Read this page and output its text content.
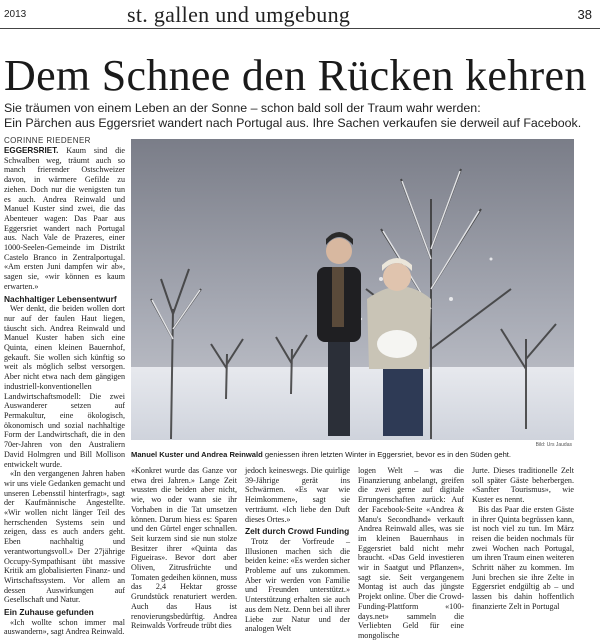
2013	st. gallen und umgebung	38
Dem Schnee den Rücken kehren
Sie träumen von einem Leben an der Sonne – schon bald soll der Traum wahr werden:
Ein Pärchen aus Eggersriet wandert nach Portugal aus. Ihre Sachen verkaufen sie derweil auf Facebook.
CORINNE RIEDENER

EGGERSRIET. Kaum sind die Schwalben weg, träumt auch so manch frierender Ostschweizer davon, in wärmere Gefilde zu ziehen. Doch nur die wenigsten tun es auch. Andrea Reinwald und Manuel Kuster sind zwei, die das Abenteuer wagen: Das Paar aus Eggersriet wandert nach Portugal aus. Nach Vale de Prazeres, einer 1000-Seelen-Gemeinde im Distrikt Castelo Branco in Zentralportugal. «Am ersten Juni dampfen wir ab», sagen sie, «wir können es kaum erwarten.»

Nachhaltiger Lebensentwurf

Wer denkt, die beiden wollen dort nur auf der faulen Haut liegen, täuscht sich. Andrea Reinwald und Manuel Kuster haben sich eine Quinta, einen kleinen Bauernhof, gekauft. Sie wollen sich künftig so weit als möglich selbst versorgen. Aber nicht etwa nach dem gängigen industriell-konventionellen Landwirtschaftsmodell: Die zwei Auswanderer setzen auf Permakultur, eine ökologisch, ökonomisch und sozial nachhaltige Form der Landwirtschaft, die in den 70er-Jahren von den Australiern David Holmgren und Bill Mollison entwickelt wurde.

«In den vergangenen Jahren haben wir uns viele Gedanken gemacht und unseren Lebensstil hinterfragt», sagt der Kaufmännische Angestellte. «Wir wollen nicht länger Teil des herrschenden Systems sein und zeigen, dass es auch anders geht. Eben nachhaltig und verantwortungsvoll.» Der 27jährige Occupy-Sympathisant übt massive Kritik am globalisierten Finanz- und Wirtschaftssystem. Vor allem an dessen Auswirkungen auf Gesellschaft und Natur.

Ein Zuhause gefunden

«Ich wollte schon immer mal auswandern», sagt Andrea Reinwald.

Bild: Urs Jaudas
Manuel Kuster und Andrea Reinwald geniessen ihren letzten Winter in Eggersriet, bevor es in den Süden geht.

«Konkret wurde das Ganze vor etwa drei Jahren.» Lange Zeit wussten die beiden aber nicht, wie, wo oder wann sie ihr Vorhaben in die Tat umsetzen können. Darum hiess es: Sparen und den Gürtel enger schnallen. Seit kurzem sind sie nun stolze Besitzer ihrer «Quinta das Figueiras». Bevor dort aber Oliven, Zitrusfrüchte und Tomaten gedeihen können, muss das 2,4 Hektar grosse Grundstück renaturiert werden. Auch das Haus ist renovierungsbedürftig. Andrea Reinwalds Vorfreude trübt dies

jedoch keineswegs. Die quirlige 39-Jährige gerät ins Schwärmen. «Es war wie Heimkommen», sagt sie verträumt. «Ich liebe den Duft dieses Ortes.»

Zelt durch Crowd Funding

Trotz der Vorfreude – Illusionen machen sich die beiden keine: «Es werden sicher Probleme auf uns zukommen. Aber wir werden von Familie und Freunden unterstützt.» Unterstützung erhalten sie auch aus dem Netz. Denn bei all ihrer Liebe zur Natur und der analogen Welt

logen Welt – was die Finanzierung anbelangt, greifen die zwei gerne auf digitale Errungenschaften zurück: Auf der Facebook-Seite «Andrea & Manu's Secondhand» verkauft Andrea Reinwald alles, was sie im kleinen Bauernhaus in Eggersriet bald nicht mehr braucht. «Das Geld investieren wir in Saatgut und Pflanzen», sagt sie. Seit vergangenem Montag ist auch das jüngste Projekt online. Über die Crowd-Funding-Plattform «100-days.net» sammeln die Verliebten Geld für eine mongolische

Jurte. Dieses traditionelle Zelt soll später Gäste beherbergen. «Sanfter Tourismus», wie Kuster es nennt.

Bis das Paar die ersten Gäste in ihrer Quinta begrüssen kann, ist noch viel zu tun. Im März reisen die beiden nochmals für zwei Wochen nach Portugal, um ihren Traum einen weiteren Schritt näher zu kommen. Im Juni brechen sie ihre Zelte in Eggersriet endgültig ab – und lassen bis dahin hoffentlich finanzierte Zelt in Portugal
